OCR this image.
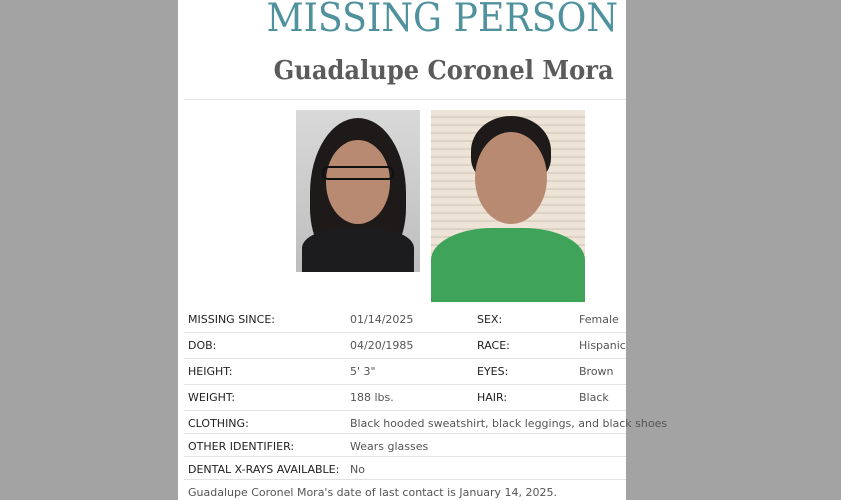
MISSING PERSON
Guadalupe Coronel Mora
MISSING SINCE:	01/14/2025	SEX:	Female
DOB:	04/20/1985	RACE:	Hispanic
HEIGHT:	5' 3"	EYES:	Brown
WEIGHT:	188 lbs.	HAIR:	Black
CLOTHING:	Black hooded sweatshirt, black leggings, and black shoes
OTHER IDENTIFIER:	Wears glasses
DENTAL X-RAYS AVAILABLE: No
Guadalupe Coronel Mora's date of last contact is January 14, 2025.
